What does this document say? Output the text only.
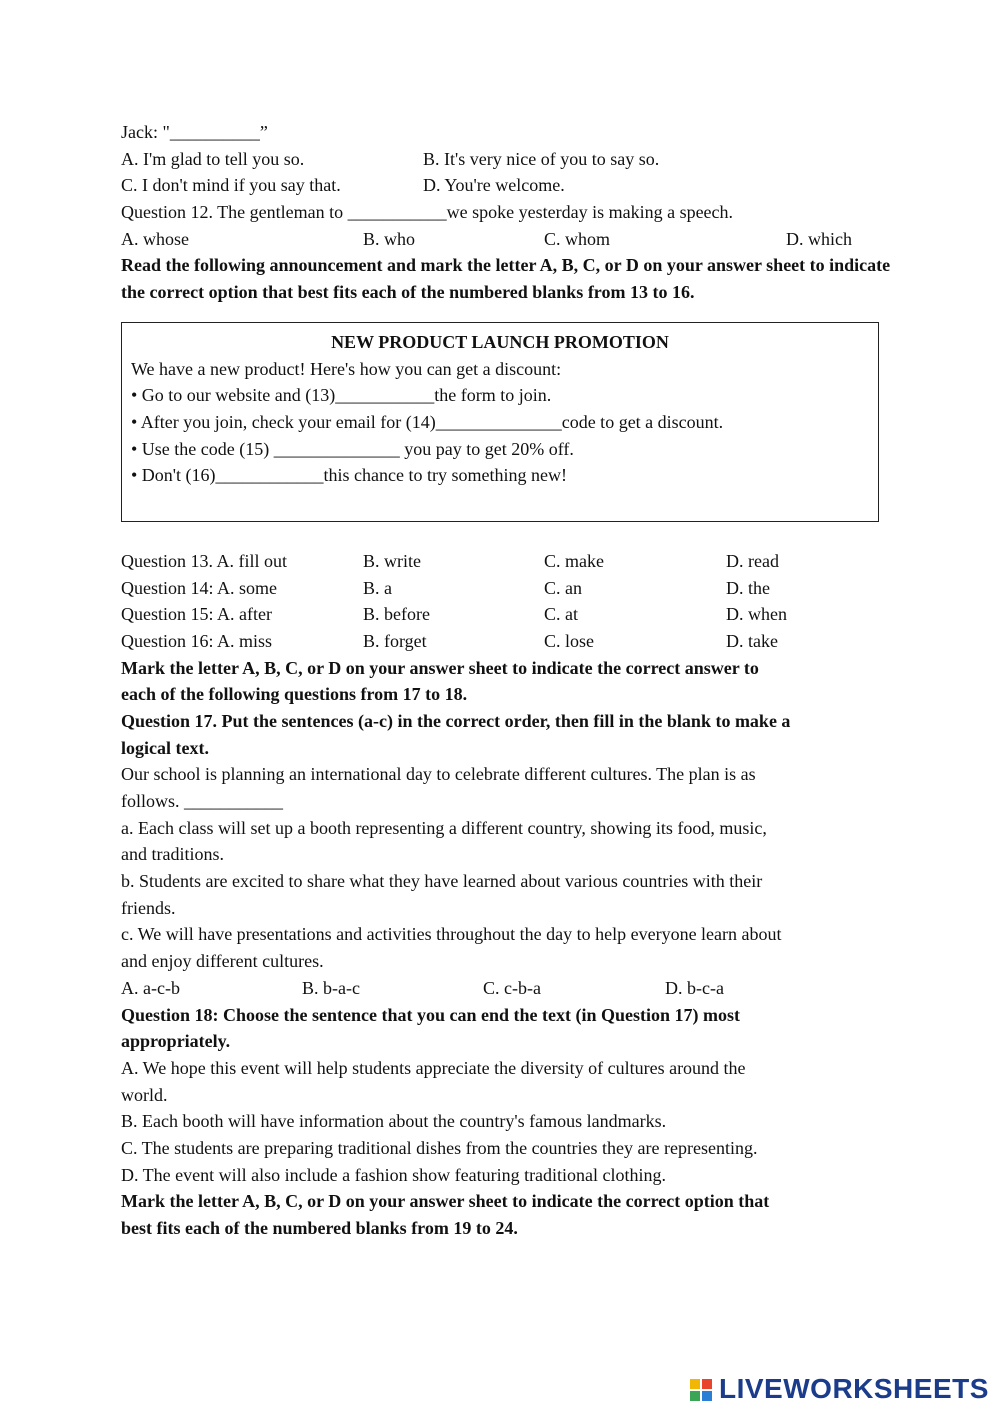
Jack: "__________”
A. I'm glad to tell you so.	B. It's very nice of you to say so.
C. I don't mind if you say that.	D. You're welcome.
Question 12. The gentleman to ___________we spoke yesterday is making a speech.
A. whose	B. who	C. whom	D. which
Read the following announcement and mark the letter A, B, C, or D on your answer sheet to indicate the correct option that best fits each of the numbered blanks from 13 to 16.
NEW PRODUCT LAUNCH PROMOTION
We have a new product! Here's how you can get a discount:
• Go to our website and (13)___________the form to join.
• After you join, check your email for (14)______________code to get a discount.
• Use the code (15) ______________ you pay to get 20% off.
• Don't (16)____________this chance to try something new!
Question 13. A. fill out	B. write	C. make	D. read
Question 14: A. some	B. a	C. an	D. the
Question 15: A. after	B. before	C. at	D. when
Question 16: A. miss	B. forget	C. lose	D. take
Mark the letter A, B, C, or D on your answer sheet to indicate the correct answer to
each of the following questions from 17 to 18.
Question 17. Put the sentences (a-c) in the correct order, then fill in the blank to make a
logical text.
Our school is planning an international day to celebrate different cultures. The plan is as
follows. ___________
a. Each class will set up a booth representing a different country, showing its food, music,
and traditions.
b. Students are excited to share what they have learned about various countries with their
friends.
c. We will have presentations and activities throughout the day to help everyone learn about
and enjoy different cultures.
A. a-c-b	B. b-a-c	C. c-b-a	D. b-c-a
Question 18: Choose the sentence that you can end the text (in Question 17) most
appropriately.
A. We hope this event will help students appreciate the diversity of cultures around the
world.
B. Each booth will have information about the country's famous landmarks.
C. The students are preparing traditional dishes from the countries they are representing.
D. The event will also include a fashion show featuring traditional clothing.
Mark the letter A, B, C, or D on your answer sheet to indicate the correct option that
best fits each of the numbered blanks from 19 to 24.
LIVEWORKSHEETS
